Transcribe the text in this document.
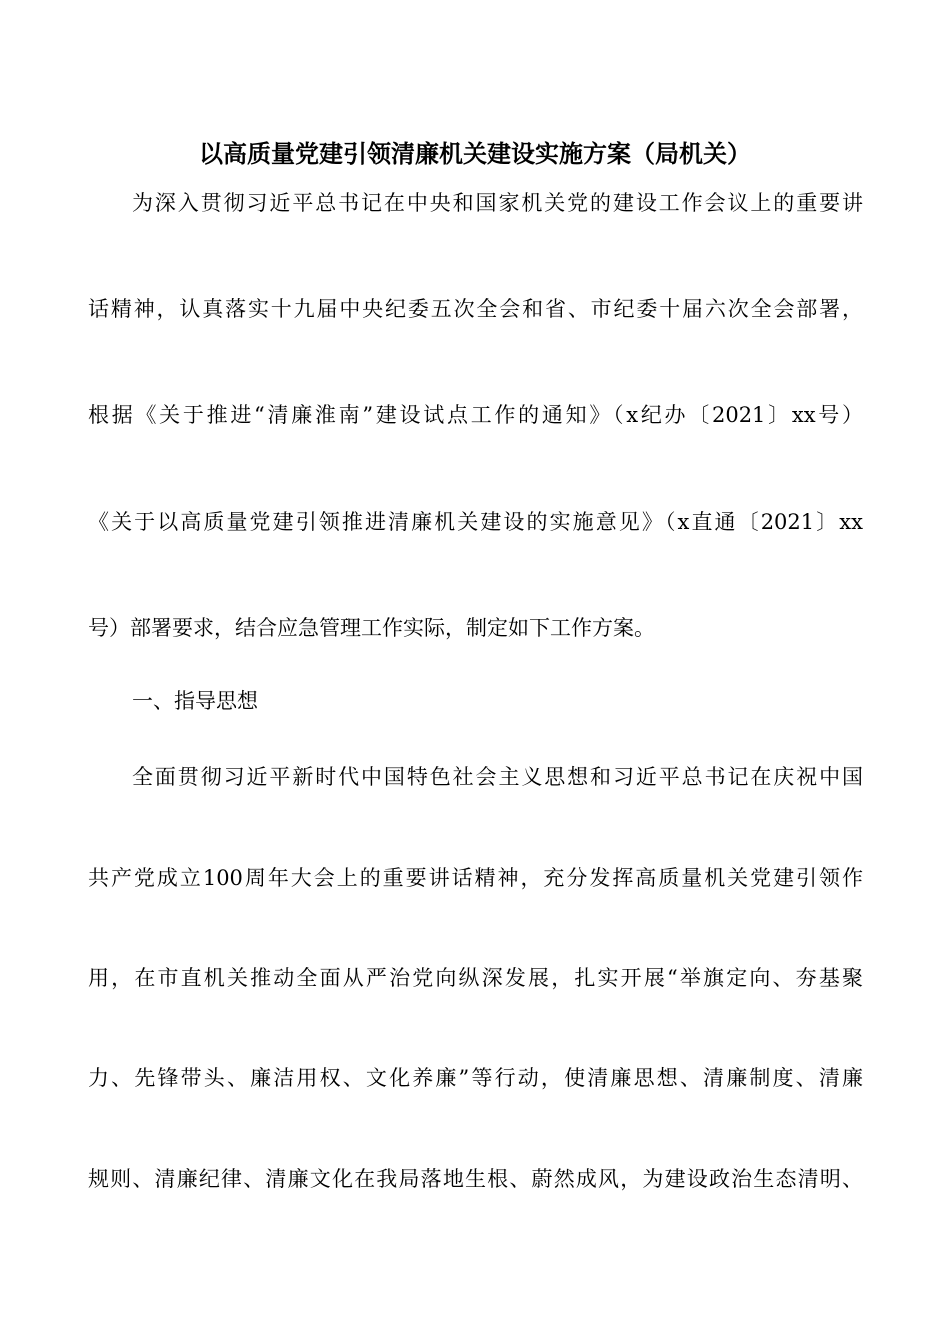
以高质量党建引领清廉机关建设实施方案（局机关）
为深入贯彻习近平总书记在中央和国家机关党的建设工作会议上的重要讲
话精神，认真落实十九届中央纪委五次全会和省、市纪委十届六次全会部署，
根据《关于推进“清廉淮南”建设试点工作的通知》（x纪办〔2021〕xx号）
《关于以高质量党建引领推进清廉机关建设的实施意见》（x直通〔2021〕xx
号）部署要求，结合应急管理工作实际，制定如下工作方案。
一、指导思想
全面贯彻习近平新时代中国特色社会主义思想和习近平总书记在庆祝中国
共产党成立100周年大会上的重要讲话精神，充分发挥高质量机关党建引领作
用，在市直机关推动全面从严治党向纵深发展，扎实开展“举旗定向、夯基聚
力、先锋带头、廉洁用权、文化养廉”等行动，使清廉思想、清廉制度、清廉
规则、清廉纪律、清廉文化在我局落地生根、蔚然成风，为建设政治生态清明、
